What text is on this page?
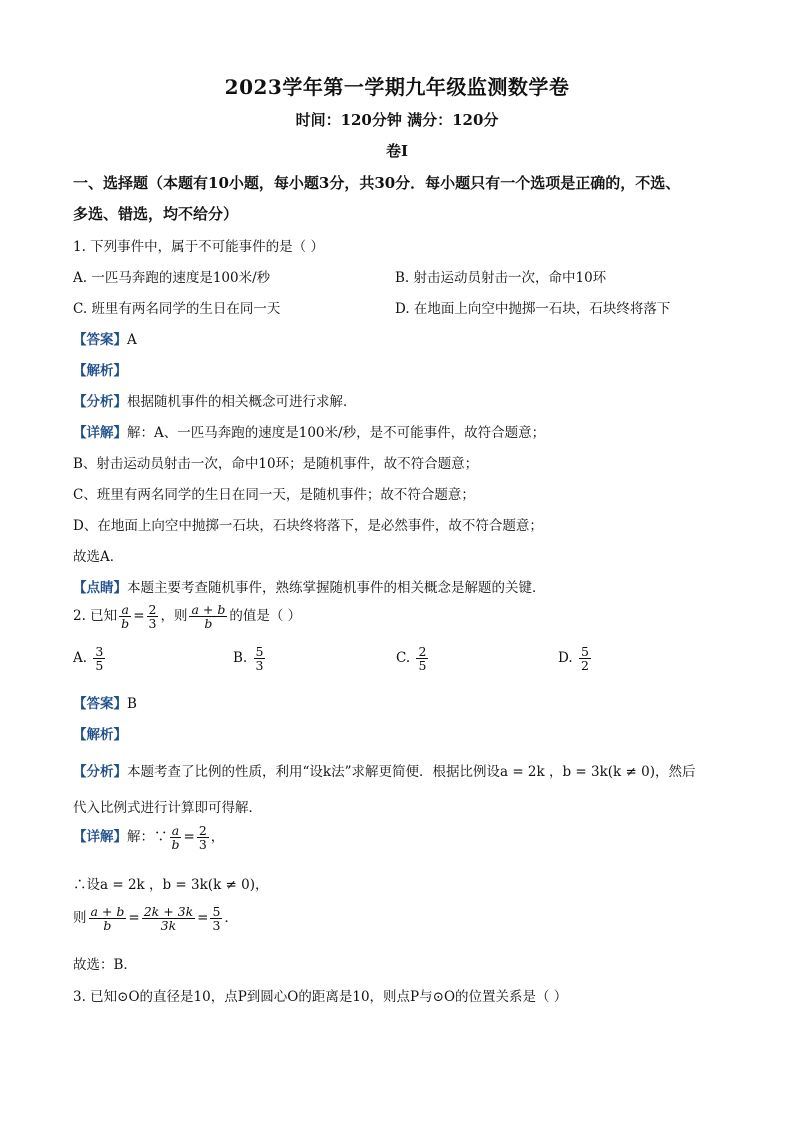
2023学年第一学期九年级监测数学卷
时间：120分钟 满分：120分
卷I
一、选择题（本题有10小题，每小题3分，共30分．每小题只有一个选项是正确的，不选、
多选、错选，均不给分）
1. 下列事件中，属于不可能事件的是（ ）
A. 一匹马奔跑的速度是100米/秒	B. 射击运动员射击一次，命中10环
C. 班里有两名同学的生日在同一天	D. 在地面上向空中抛掷一石块，石块终将落下
【答案】A
【解析】
【分析】根据随机事件的相关概念可进行求解．
【详解】解：A、一匹马奔跑的速度是100米/秒，是不可能事件，故符合题意；
B、射击运动员射击一次，命中10环；是随机事件，故不符合题意；
C、班里有两名同学的生日在同一天，是随机事件；故不符合题意；
D、在地面上向空中抛掷一石块，石块终将落下，是必然事件，故不符合题意；
故选A．
【点睛】本题主要考查随机事件，熟练掌握随机事件的相关概念是解题的关键．
2. 已知 $\frac{a}{b} = \frac{2}{3}$ ，则 $\frac{a + b}{b}$ 的值是（ ）
A. $\frac{3}{5}$	B. $\frac{5}{3}$	C. $\frac{2}{5}$	D. $\frac{5}{2}$
【答案】B
【解析】
【分析】本题考查了比例的性质，利用“设k法”求解更简便．根据比例设a = 2k ，b = 3k(k ≠ 0)，然后
代入比例式进行计算即可得解．
【详解】解：∵ $\frac{a}{b} = \frac{2}{3}$ ，
∴设a = 2k ，b = 3k(k ≠ 0)，
则 $\frac{a + b}{b} = \frac{2k + 3k}{3k} = \frac{5}{3}$ ．
故选：B．
3. 已知⊙O的直径是10，点P到圆心O的距离是10，则点P与⊙O的位置关系是（ ）
